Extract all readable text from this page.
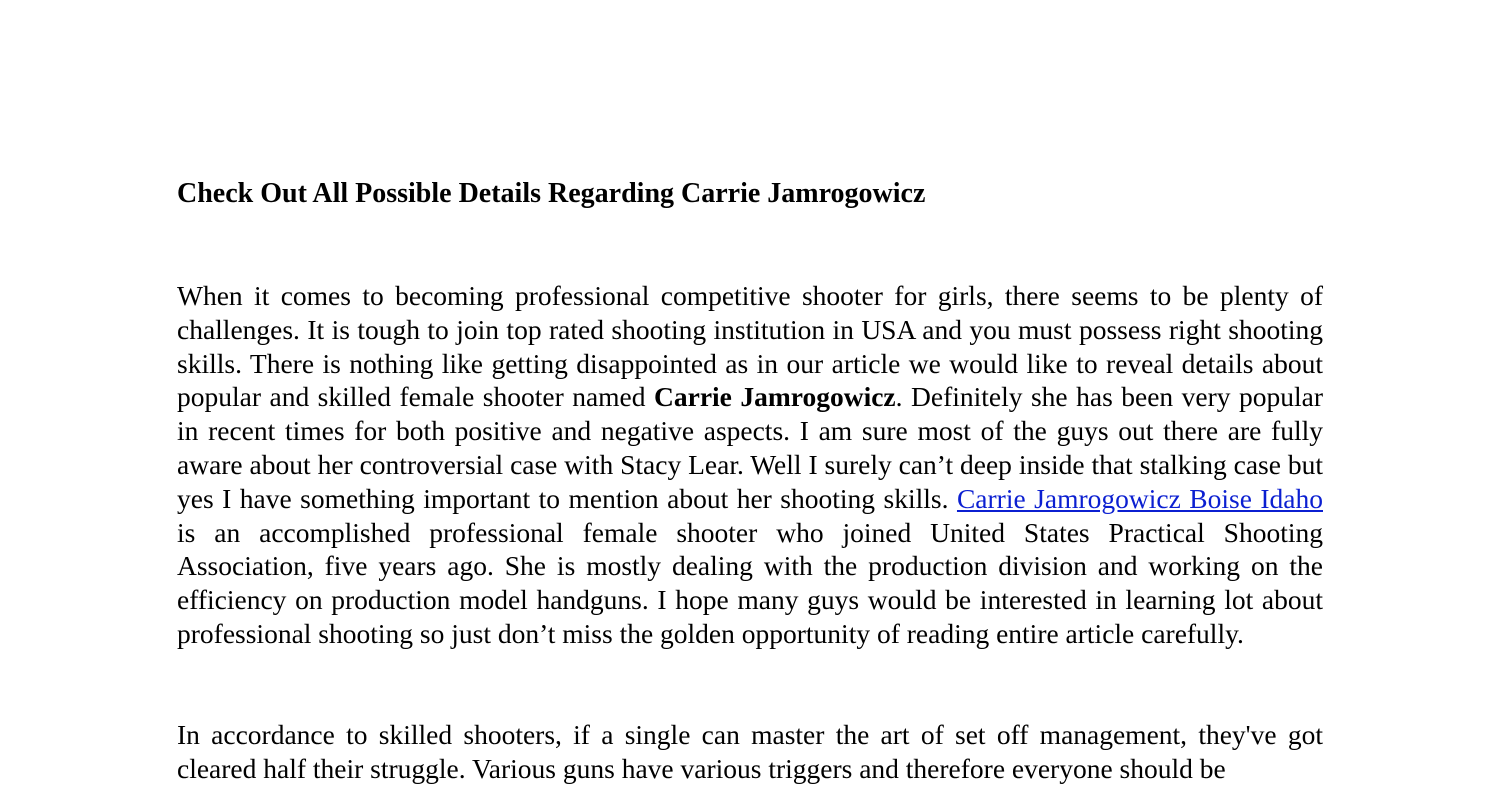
Check Out All Possible Details Regarding Carrie Jamrogowicz

When it comes to becoming professional competitive shooter for girls, there seems to be plenty of challenges. It is tough to join top rated shooting institution in USA and you must possess right shooting skills. There is nothing like getting disappointed as in our article we would like to reveal details about popular and skilled female shooter named Carrie Jamrogowicz. Definitely she has been very popular in recent times for both positive and negative aspects. I am sure most of the guys out there are fully aware about her controversial case with Stacy Lear. Well I surely can’t deep inside that stalking case but yes I have something important to mention about her shooting skills. Carrie Jamrogowicz Boise Idaho is an accomplished professional female shooter who joined United States Practical Shooting Association, five years ago. She is mostly dealing with the production division and working on the efficiency on production model handguns. I hope many guys would be interested in learning lot about professional shooting so just don’t miss the golden opportunity of reading entire article carefully.

In accordance to skilled shooters, if a single can master the art of set off management, they've got cleared half their struggle. Various guns have various triggers and therefore everyone should be
